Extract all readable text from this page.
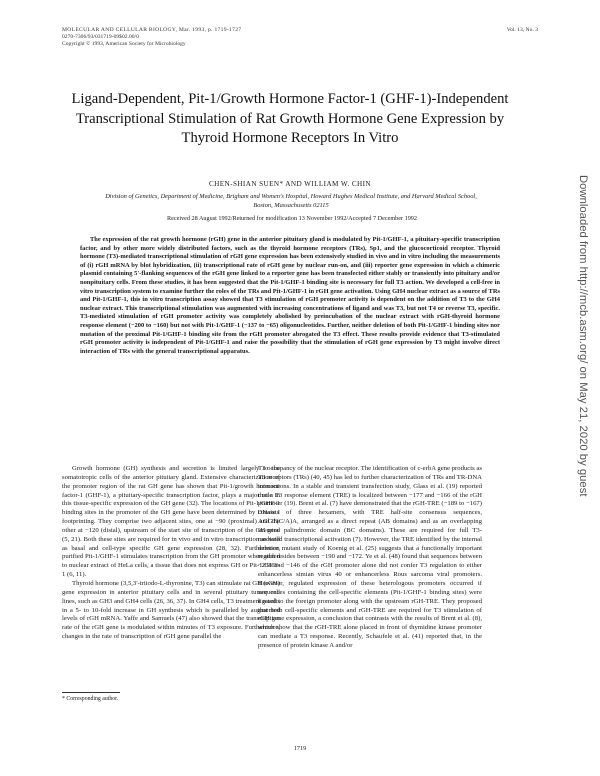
MOLECULAR AND CELLULAR BIOLOGY, Mar. 1993, p. 1719-1727
0270-7306/93/031719-09$02.00/0
Copyright © 1993, American Society for Microbiology
Vol. 13, No. 3
Ligand-Dependent, Pit-1/Growth Hormone Factor-1 (GHF-1)-Independent Transcriptional Stimulation of Rat Growth Hormone Gene Expression by Thyroid Hormone Receptors In Vitro
CHEN-SHIAN SUEN* AND WILLIAM W. CHIN
Division of Genetics, Department of Medicine, Brigham and Women's Hospital, Howard Hughes Medical Institute, and Harvard Medical School, Boston, Massachusetts 02115
Received 28 August 1992/Returned for modification 13 November 1992/Accepted 7 December 1992

The expression of the rat growth hormone (rGH) gene in the anterior pituitary gland is modulated by Pit-1/GHF-1, a pituitary-specific transcription factor, and by other more widely distributed factors, such as the thyroid hormone receptors (TRs), Sp1, and the glucocorticoid receptor. Thyroid hormone (T3)-mediated transcriptional stimulation of rGH gene expression has been extensively studied in vivo and in vitro including the measurements of (i) rGH mRNA by blot hybridization, (ii) transcriptional rate of rGH gene by nuclear run-on, and (iii) reporter gene expression in which a chimeric plasmid containing 5'-flanking sequences of the rGH gene linked to a reporter gene has been transfected either stably or transiently into pituitary and/or nonpituitary cells. From these studies, it has been suggested that the Pit-1/GHF-1 binding site is necessary for full T3 action. We developed a cell-free in vitro transcription system to examine further the roles of the TRs and Pit-1/GHF-1 in rGH gene activation. Using GH4 nuclear extract as a source of TRs and Pit-1/GHF-1, this in vitro transcription assay showed that T3 stimulation of rGH promoter activity is dependent on the addition of T3 to the GH4 nuclear extract. This transcriptional stimulation was augmented with increasing concentrations of ligand and was T3, but not T4 or reverse T3, specific. T3-mediated stimulation of rGH promoter activity was completely abolished by preincubation of the nuclear extract with rGH-thyroid hormone response element (−200 to −160) but not with Pit-1/GHF-1 (−137 to −65) oligonucleotides. Further, neither deletion of both Pit-1/GHF-1 binding sites nor mutation of the proximal Pit-1/GHF-1 binding site from the rGH promoter abrogated the T3 effect. These results provide evidence that T3-stimulated rGH promoter activity is independent of Pit-1/GHF-1 and raise the possibility that the stimulation of rGH gene expression by T3 might involve direct interaction of TRs with the general transcriptional apparatus.

Growth hormone (GH) synthesis and secretion is limited largely to the somatotropic cells of the anterior pituitary gland. Extensive characterization of the promoter region of the rat GH gene has shown that Pit-1/growth hormone factor-1 (GHF-1), a pituitary-specific transcription factor, plays a major role in this tissue-specific expression of the GH gene (32). The locations of Pit-1/GHF-1 binding sites in the promoter of the GH gene have been determined by DNase I footprinting. They comprise two adjacent sites, one at −90 (proximal) and the other at −120 (distal), upstream of the start site of transcription of the GH gene (5, 21). Both these sites are required for in vivo and in vitro transcription as well as basal and cell-type specific GH gene expression (28, 32). Furthermore, purified Pit-1/GHF-1 stimulates transcription from the GH promoter when added to nuclear extract of HeLa cells, a tissue that does not express GH or Pit-1/GHF-1 (6, 11).

Thyroid hormone (3,5,3'-triiodo-L-thyronine, T3) can stimulate rat GH (rGH) gene expression in anterior pituitary cells and in several pituitary tumor cell lines, such as GH3 and GH4 cells (26, 36, 37). In GH4 cells, T3 treatment results in a 5- to 10-fold increase in GH synthesis which is paralleled by augmented levels of rGH mRNA. Yaffe and Samuels (47) also showed that the transcription rate of the rGH gene is modulated within minutes of T3 exposure. Furthermore, changes in the rate of transcription of rGH gene parallel the

T3 occupancy of the nuclear receptor. The identification of c-erbA gene products as T3 receptors (TRs) (40, 45) has led to further characterization of TRs and TR-DNA interactions. In a stable and transient transfection study, Glass et al. (19) reported that a T3 response element (TRE) is localized between −177 and −166 of the rGH promoter (19). Brent et al. (7) have demonstrated that the rGH-TRE (−189 to −167) consists of three hexamers, with TRE half-site consensus sequences, AGGT(C/A)A, arranged as a direct repeat (AB domains) and as an overlapping inverted palindromic domain (BC domains). These are required for full T3-mediated transcriptional activation (7). However, the TRE identified by the internal deletion mutant study of Koenig et al. (25) suggests that a functionally important region resides between −190 and −172. Ye et al. (48) found that sequences between −236 and −146 of the rGH promoter alone did not confer T3 regulation to either enhancerless simian virus 40 or enhancerless Rous sarcoma viral promoters. However, regulated expression of these heterologous promoters occurred if sequences containing the cell-specific elements (Pit-1/GHF-1 binding sites) were ligated to the foreign promoter along with the upstream rGH-TRE. They proposed that both cell-specific elements and rGH-TRE are required for T3 stimulation of rGH gene expression, a conclusion that contrasts with the results of Brent et al. (8), which show that the rGH-TRE alone placed in front of thymidine kinase promoter can mediate a T3 response. Recently, Schaufele et al. (41) reported that, in the presence of protein kinase A and/or

* Corresponding author.
1719
Downloaded from http://mcb.asm.org/ on May 21, 2020 by guest
